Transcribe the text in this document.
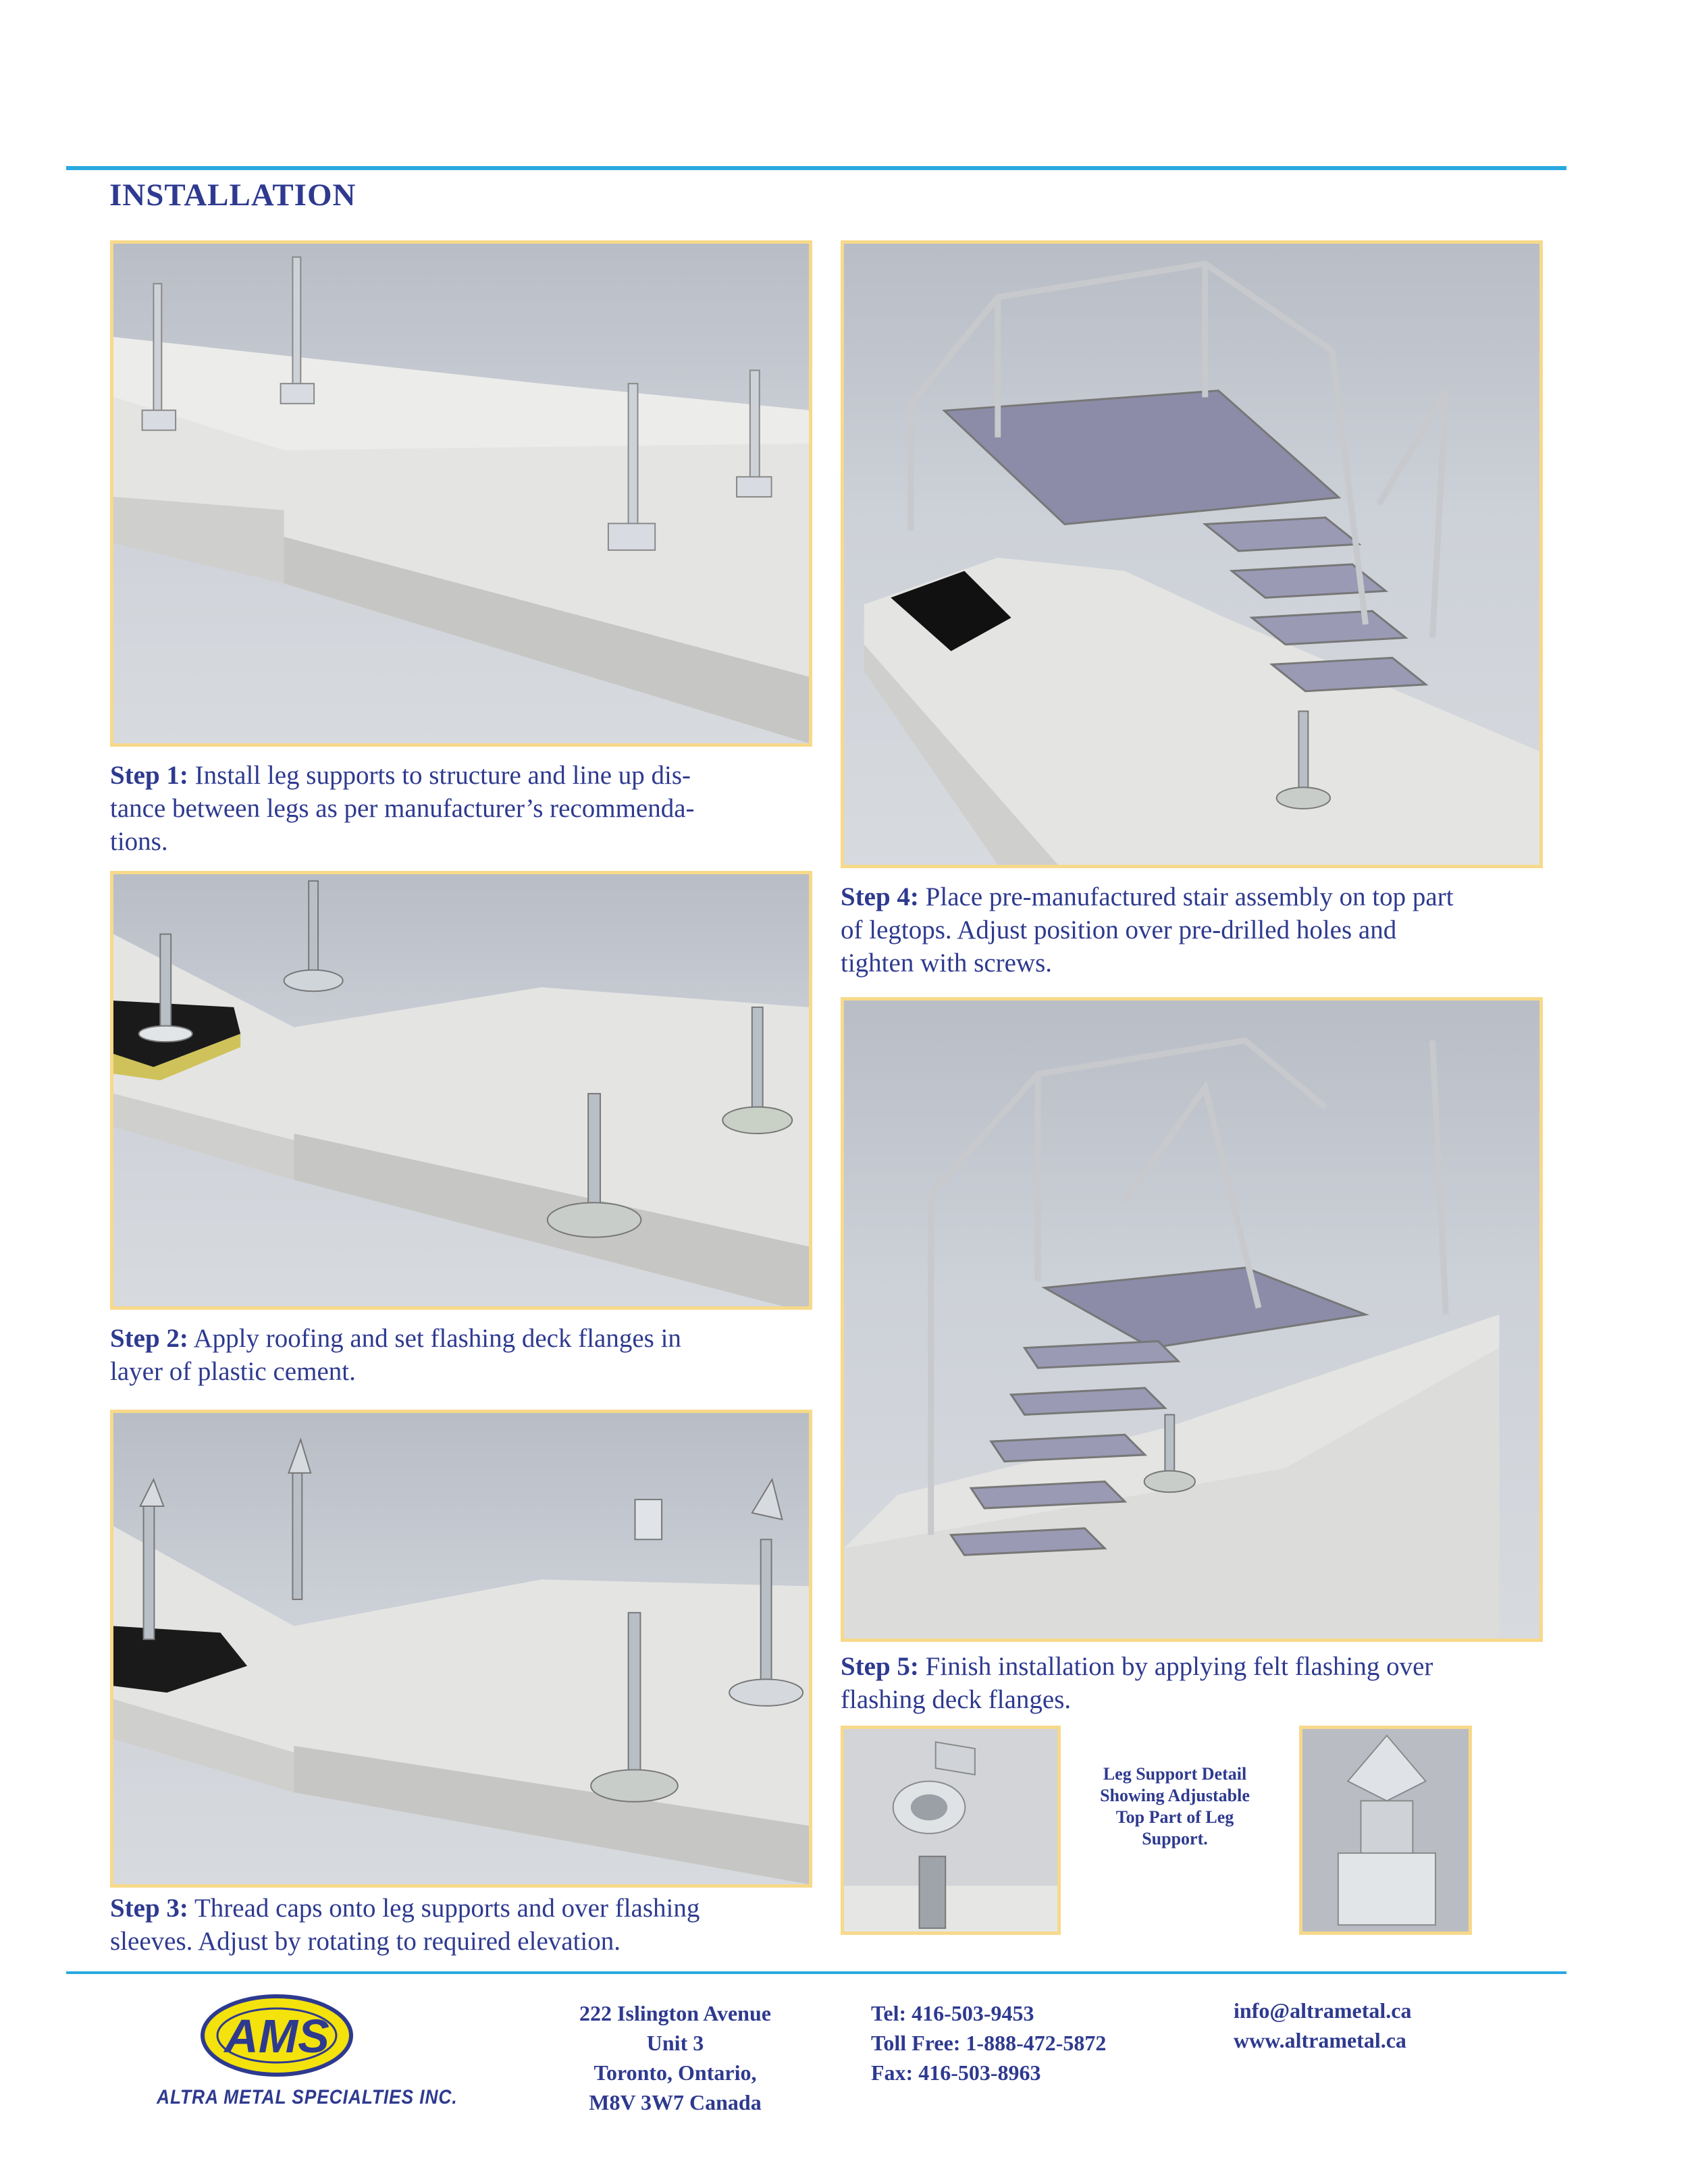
INSTALLATION
Step 1: Install leg supports to structure and line up dis-
tance between legs as per manufacturer’s recommenda-
tions.
Step 2: Apply roofing and set flashing deck flanges in
layer of plastic cement.
Step 3: Thread caps onto leg supports and over flashing
sleeves. Adjust by rotating to required elevation.
Step 4: Place pre-manufactured stair assembly on top part
of legtops. Adjust position over pre-drilled holes and
tighten with screws.
Step 5: Finish installation by applying felt flashing over
flashing deck flanges.
Leg Support Detail
Showing Adjustable
Top Part of Leg
Support.
AMS
ALTRA METAL SPECIALTIES INC.
222 Islington Avenue
Unit 3
Toronto, Ontario,
M8V 3W7 Canada
Tel: 416-503-9453
Toll Free: 1-888-472-5872
Fax: 416-503-8963
info@altrametal.ca
www.altrametal.ca
